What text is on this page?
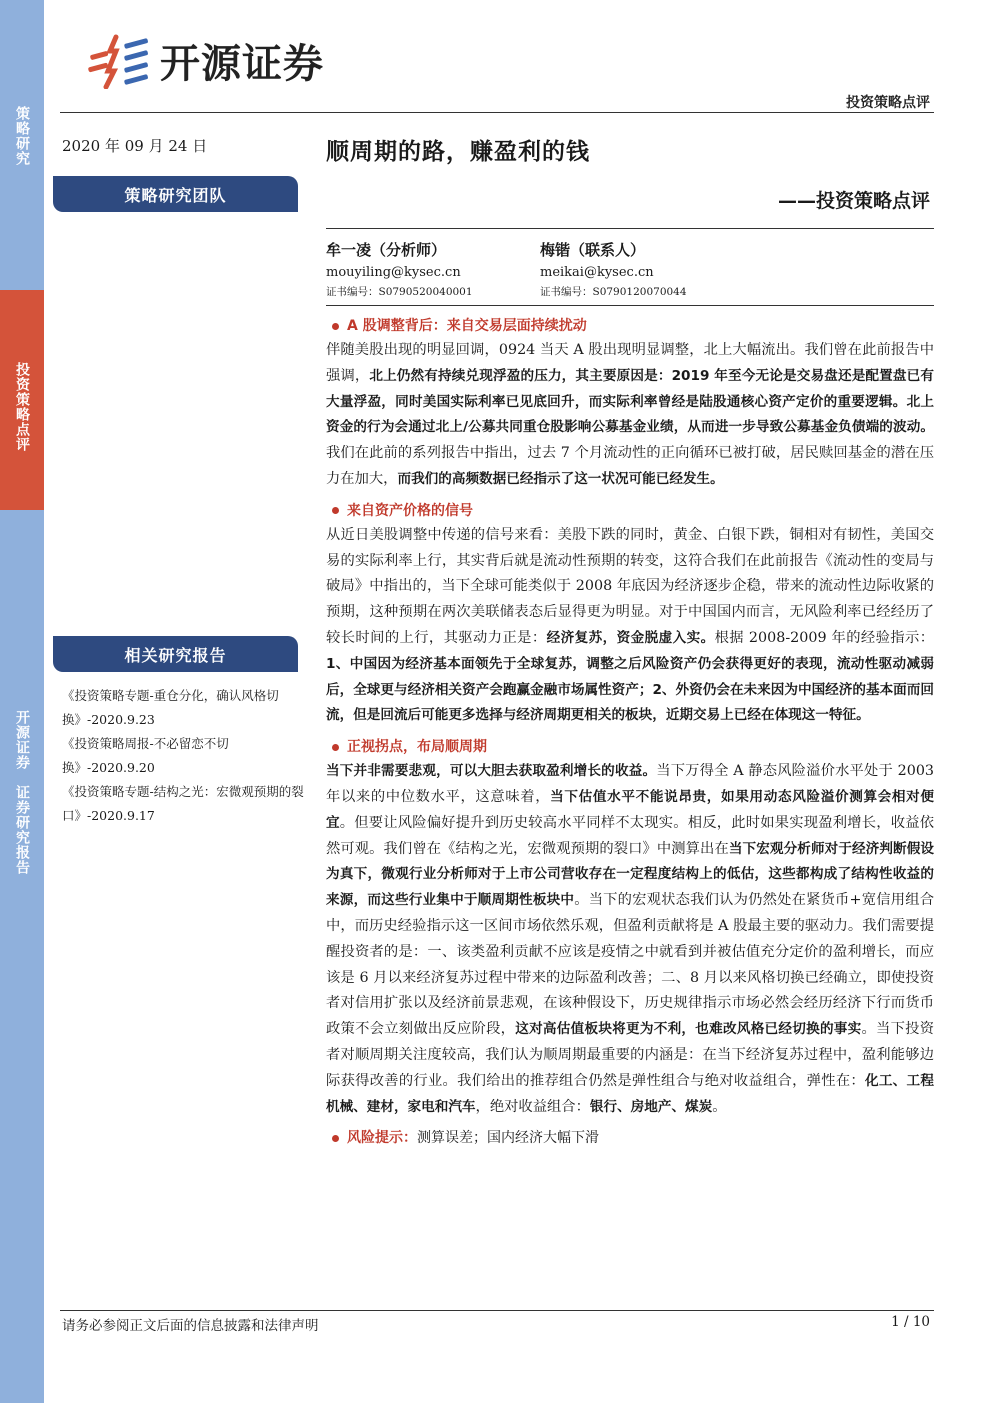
策略研究
投资策略点评
开源证券　证券研究报告
开源证券
投资策略点评
2020 年 09 月 24 日
策略研究团队
相关研究报告
《投资策略专题-重仓分化，确认风格切换》-2020.9.23
《投资策略周报-不必留恋不切换》-2020.9.20
《投资策略专题-结构之光：宏微观预期的裂口》-2020.9.17
顺周期的路，赚盈利的钱
——投资策略点评
牟一凌（分析师）
mouyiling@kysec.cn
证书编号：S0790520040001
梅锴（联系人）
meikai@kysec.cn
证书编号：S0790120070044
A 股调整背后：来自交易层面持续扰动
伴随美股出现的明显回调，0924 当天 A 股出现明显调整，北上大幅流出。我们曾在此前报告中强调，北上仍然有持续兑现浮盈的压力，其主要原因是：2019 年至今无论是交易盘还是配置盘已有大量浮盈，同时美国实际利率已见底回升，而实际利率曾经是陆股通核心资产定价的重要逻辑。北上资金的行为会通过北上/公募共同重仓股影响公募基金业绩，从而进一步导致公募基金负债端的波动。我们在此前的系列报告中指出，过去 7 个月流动性的正向循环已被打破，居民赎回基金的潜在压力在加大，而我们的高频数据已经指示了这一状况可能已经发生。
来自资产价格的信号
从近日美股调整中传递的信号来看：美股下跌的同时，黄金、白银下跌，铜相对有韧性，美国交易的实际利率上行，其实背后就是流动性预期的转变，这符合我们在此前报告《流动性的变局与破局》中指出的，当下全球可能类似于 2008 年底因为经济逐步企稳，带来的流动性边际收紧的预期，这种预期在两次美联储表态后显得更为明显。对于中国国内而言，无风险利率已经经历了较长时间的上行，其驱动力正是：经济复苏，资金脱虚入实。根据 2008-2009 年的经验指示：1、中国因为经济基本面领先于全球复苏，调整之后风险资产仍会获得更好的表现，流动性驱动减弱后，全球更与经济相关资产会跑赢金融市场属性资产；2、外资仍会在未来因为中国经济的基本面而回流，但是回流后可能更多选择与经济周期更相关的板块，近期交易上已经在体现这一特征。
正视拐点，布局顺周期
当下并非需要悲观，可以大胆去获取盈利增长的收益。当下万得全 A 静态风险溢价水平处于 2003 年以来的中位数水平，这意味着，当下估值水平不能说昂贵，如果用动态风险溢价测算会相对便宜。但要让风险偏好提升到历史较高水平同样不太现实。相反，此时如果实现盈利增长，收益依然可观。我们曾在《结构之光，宏微观预期的裂口》中测算出在当下宏观分析师对于经济判断假设为真下，微观行业分析师对于上市公司营收存在一定程度结构上的低估，这些都构成了结构性收益的来源，而这些行业集中于顺周期性板块中。当下的宏观状态我们认为仍然处在紧货币+宽信用组合中，而历史经验指示这一区间市场依然乐观，但盈利贡献将是 A 股最主要的驱动力。我们需要提醒投资者的是：一、该类盈利贡献不应该是疫情之中就看到并被估值充分定价的盈利增长，而应该是 6 月以来经济复苏过程中带来的边际盈利改善；二、8 月以来风格切换已经确立，即使投资者对信用扩张以及经济前景悲观，在该种假设下，历史规律指示市场必然会经历经济下行而货币政策不会立刻做出反应阶段，这对高估值板块将更为不利，也难改风格已经切换的事实。当下投资者对顺周期关注度较高，我们认为顺周期最重要的内涵是：在当下经济复苏过程中，盈利能够边际获得改善的行业。我们给出的推荐组合仍然是弹性组合与绝对收益组合，弹性在：化工、工程机械、建材，家电和汽车，绝对收益组合：银行、房地产、煤炭。
风险提示： 测算误差；国内经济大幅下滑
请务必参阅正文后面的信息披露和法律声明	1 / 10
